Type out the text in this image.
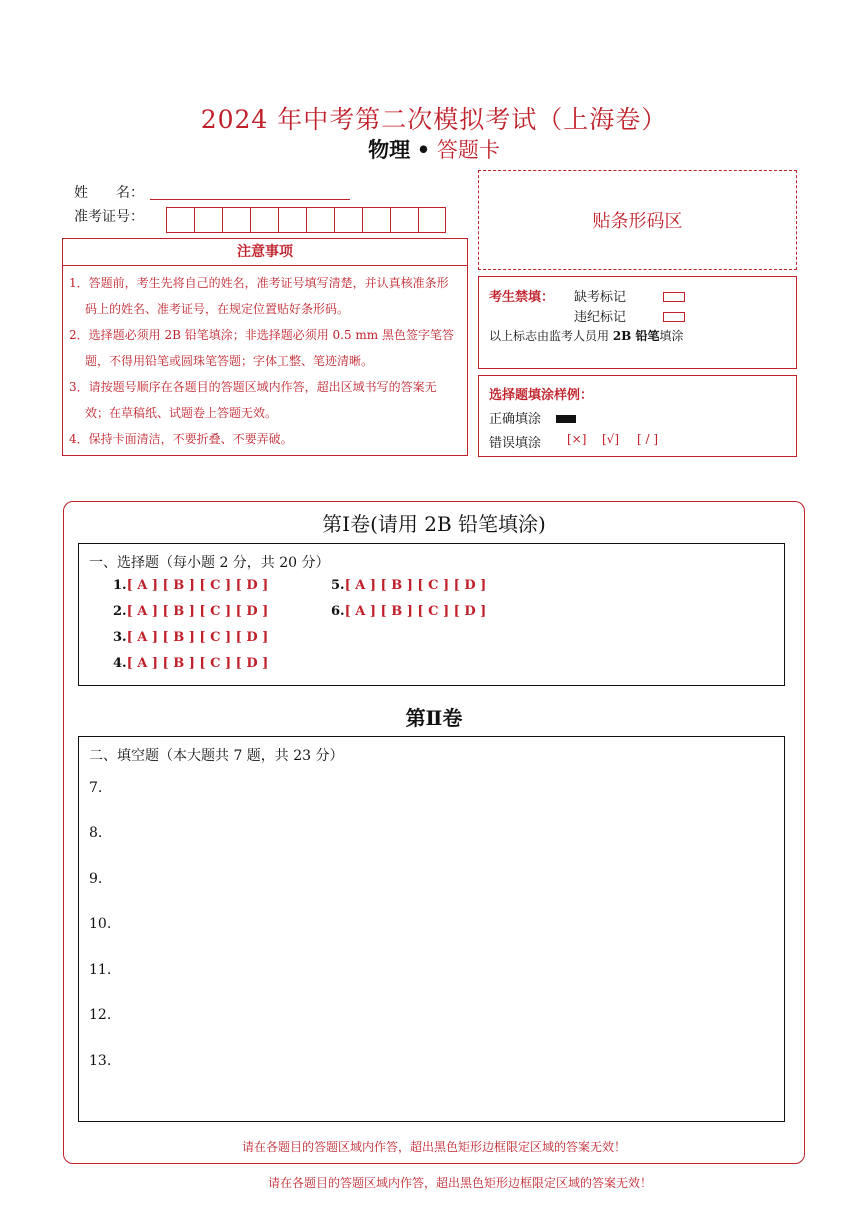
2024 年中考第二次模拟考试（上海卷）
物理 • 答题卡
姓　　名：
准考证号：
注意事项

1．答题前，考生先将自己的姓名，准考证号填写清楚，并认真核准条形码上的姓名、准考证号，在规定位置贴好条形码。

2．选择题必须用 2B 铅笔填涂；非选择题必须用 0.5 mm 黑色签字笔答题，不得用铅笔或圆珠笔答题；字体工整、笔迹清晰。

3．请按题号顺序在各题目的答题区域内作答，超出区域书写的答案无效；在草稿纸、试题卷上答题无效。

4．保持卡面清洁，不要折叠、不要弄破。

贴条形码区
考生禁填： 缺考标记
违纪标记
以上标志由监考人员用 2B 铅笔填涂
选择题填涂样例：
正确填涂
错误填涂 [×] [√] [ / ]
第Ⅰ卷(请用 2B 铅笔填涂)
一、选择题（每小题 2 分，共 20 分）
1.[ A ] [ B ] [ C ] [ D ]
2.[ A ] [ B ] [ C ] [ D ]
3.[ A ] [ B ] [ C ] [ D ]
4.[ A ] [ B ] [ C ] [ D ]
5.[ A ] [ B ] [ C ] [ D ]
6.[ A ] [ B ] [ C ] [ D ]
第Ⅱ卷
二、填空题（本大题共 7 题，共 23 分）
7.
8.
9.
10.
11.
12.
13.
请在各题目的答题区域内作答，超出黑色矩形边框限定区域的答案无效！
请在各题目的答题区域内作答，超出黑色矩形边框限定区域的答案无效！
